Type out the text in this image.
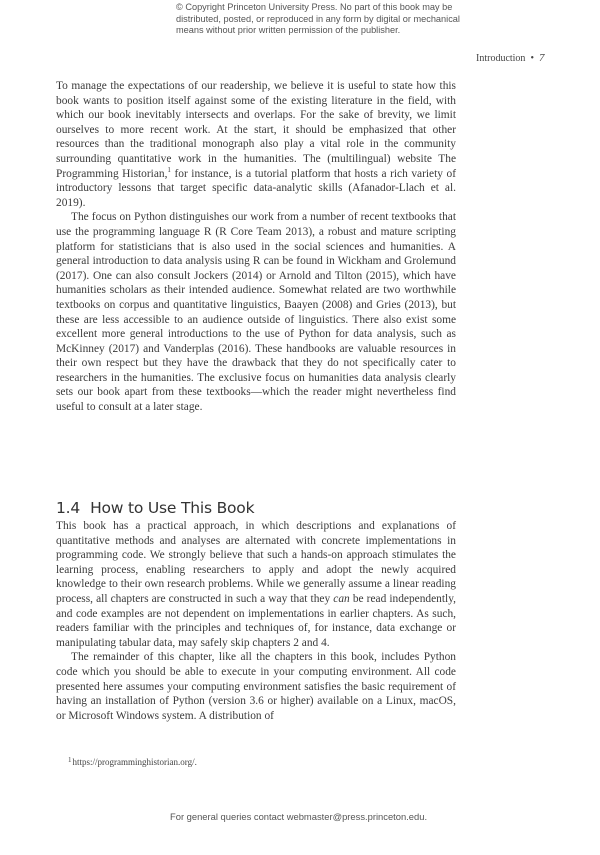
© Copyright Princeton University Press. No part of this book may be
distributed, posted, or reproduced in any form by digital or mechanical
means without prior written permission of the publisher.
Introduction • 7

To manage the expectations of our readership, we believe it is useful to state how this book wants to position itself against some of the existing literature in the field, with which our book inevitably intersects and overlaps. For the sake of brevity, we limit ourselves to more recent work. At the start, it should be emphasized that other resources than the traditional monograph also play a vital role in the community surrounding quantitative work in the humanities. The (multilingual) website The Programming Historian,$^1$ for instance, is a tutorial platform that hosts a rich variety of introductory lessons that target specific data-analytic skills (Afanador-Llach et al. 2019).

The focus on Python distinguishes our work from a number of recent textbooks that use the programming language R (R Core Team 2013), a robust and mature scripting platform for statisticians that is also used in the social sciences and humanities. A general introduction to data analysis using R can be found in Wickham and Grolemund (2017). One can also consult Jockers (2014) or Arnold and Tilton (2015), which have humanities scholars as their intended audience. Somewhat related are two worthwhile textbooks on corpus and quantitative linguistics, Baayen (2008) and Gries (2013), but these are less accessible to an audience outside of linguistics. There also exist some excellent more general introductions to the use of Python for data analysis, such as McKinney (2017) and Vanderplas (2016). These handbooks are valuable resources in their own respect but they have the drawback that they do not specifically cater to researchers in the humanities. The exclusive focus on humanities data analysis clearly sets our book apart from these textbooks—which the reader might nevertheless find useful to consult at a later stage.

1.4 How to Use This Book

This book has a practical approach, in which descriptions and explanations of quantitative methods and analyses are alternated with concrete implementations in programming code. We strongly believe that such a hands-on approach stimulates the learning process, enabling researchers to apply and adopt the newly acquired knowledge to their own research problems. While we generally assume a linear reading process, all chapters are constructed in such a way that they can be read independently, and code examples are not dependent on implementations in earlier chapters. As such, readers familiar with the principles and techniques of, for instance, data exchange or manipulating tabular data, may safely skip chapters 2 and 4.

The remainder of this chapter, like all the chapters in this book, includes Python code which you should be able to execute in your computing environment. All code presented here assumes your computing environment satisfies the basic requirement of having an installation of Python (version 3.6 or higher) available on a Linux, macOS, or Microsoft Windows system. A distribution of

$^1$https://programminghistorian.org/.
For general queries contact webmaster@press.princeton.edu.
